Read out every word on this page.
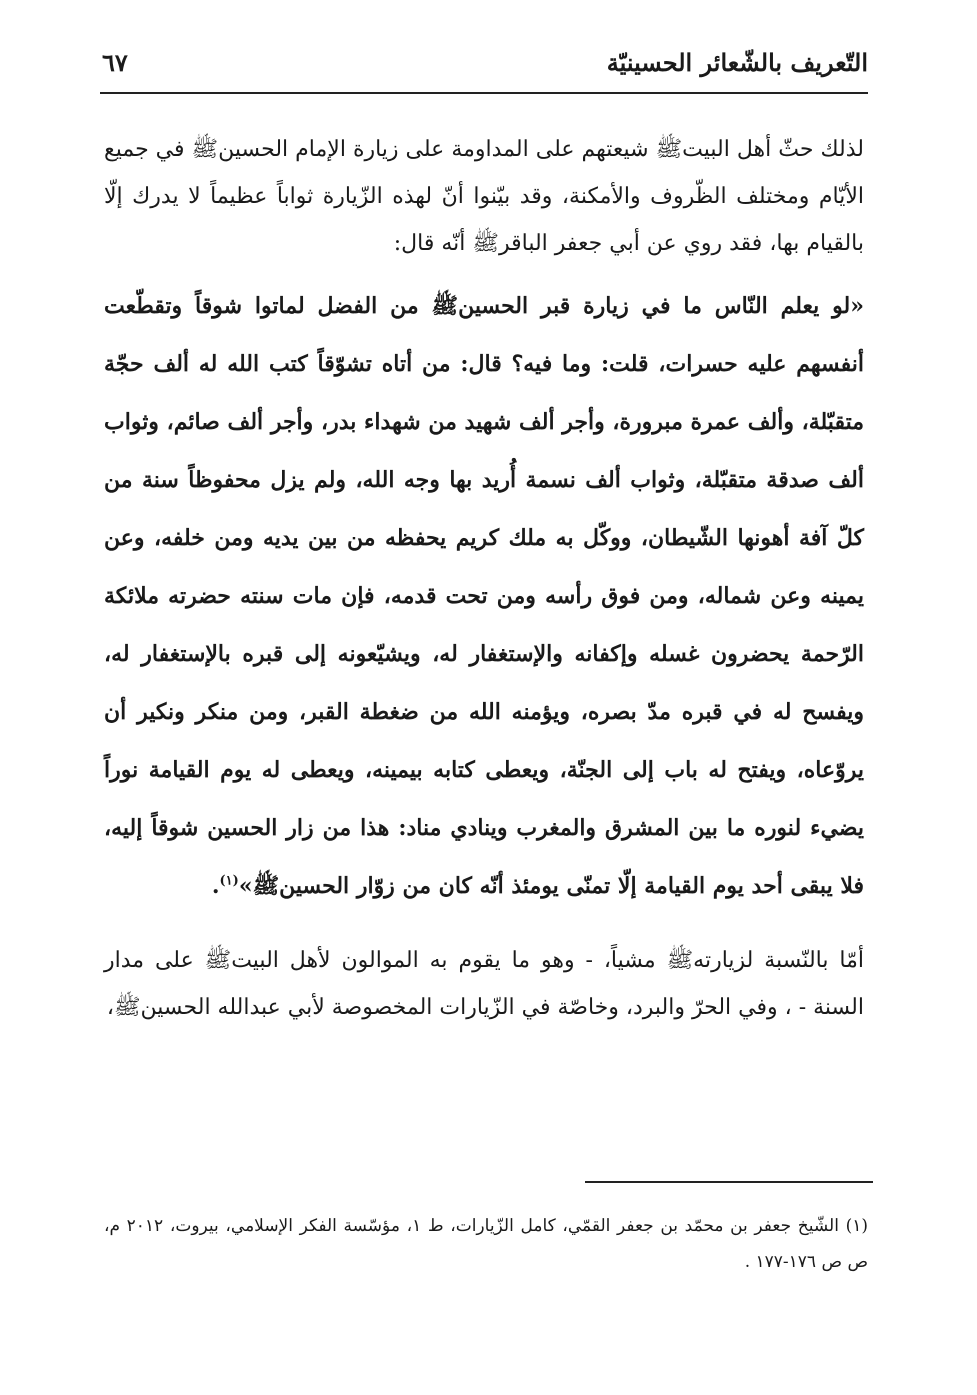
التّعريف بالشّعائر الحسينيّة
٦٧

لذلك حثّ أهل البيتﷺ شيعتهم على المداومة على زيارة الإمام الحسينﷺ في جميع الأيّام ومختلف الظّروف والأمكنة، وقد بيّنوا أنّ لهذه الزّيارة ثواباً عظيماً لا يدرك إلّا بالقيام بها، فقد روي عن أبي جعفر الباقرﷺ أنّه قال:

«لو يعلم النّاس ما في زيارة قبر الحسينﷺ من الفضل لماتوا شوقاً وتقطّعت أنفسهم عليه حسرات، قلت: وما فيه؟ قال: من أتاه تشوّقاً كتب الله له ألف حجّة متقبّلة، وألف عمرة مبرورة، وأجر ألف شهيد من شهداء بدر، وأجر ألف صائم، وثواب ألف صدقة متقبّلة، وثواب ألف نسمة أُريد بها وجه الله، ولم يزل محفوظاً سنة من كلّ آفة أهونها الشّيطان، ووكّل به ملك كريم يحفظه من بين يديه ومن خلفه، وعن يمينه وعن شماله، ومن فوق رأسه ومن تحت قدمه، فإن مات سنته حضرته ملائكة الرّحمة يحضرون غسله وإكفانه والإستغفار له، ويشيّعونه إلى قبره بالإستغفار له، ويفسح له في قبره مدّ بصره، ويؤمنه الله من ضغطة القبر، ومن منكر ونكير أن يروّعاه، ويفتح له باب إلى الجنّة، ويعطى كتابه بيمينه، ويعطى له يوم القيامة نوراً يضيء لنوره ما بين المشرق والمغرب وينادي مناد: هذا من زار الحسين شوقاً إليه، فلا يبقى أحد يوم القيامة إلّا تمنّى يومئذ أنّه كان من زوّار الحسينﷺ»$^{(١)}$.

أمّا بالنّسبة لزيارتهﷺ مشياً، - وهو ما يقوم به الموالون لأهل البيتﷺ على مدار السنة - ، وفي الحرّ والبرد، وخاصّة في الزّيارات المخصوصة لأبي عبدالله الحسينﷺ،

(١) الشّيخ جعفر بن محمّد بن جعفر القمّي، كامل الزّيارات، ط ١، مؤسّسة الفكر الإسلامي، بيروت، ٢٠١٢ م، ص ص ١٧٦-١٧٧ .
